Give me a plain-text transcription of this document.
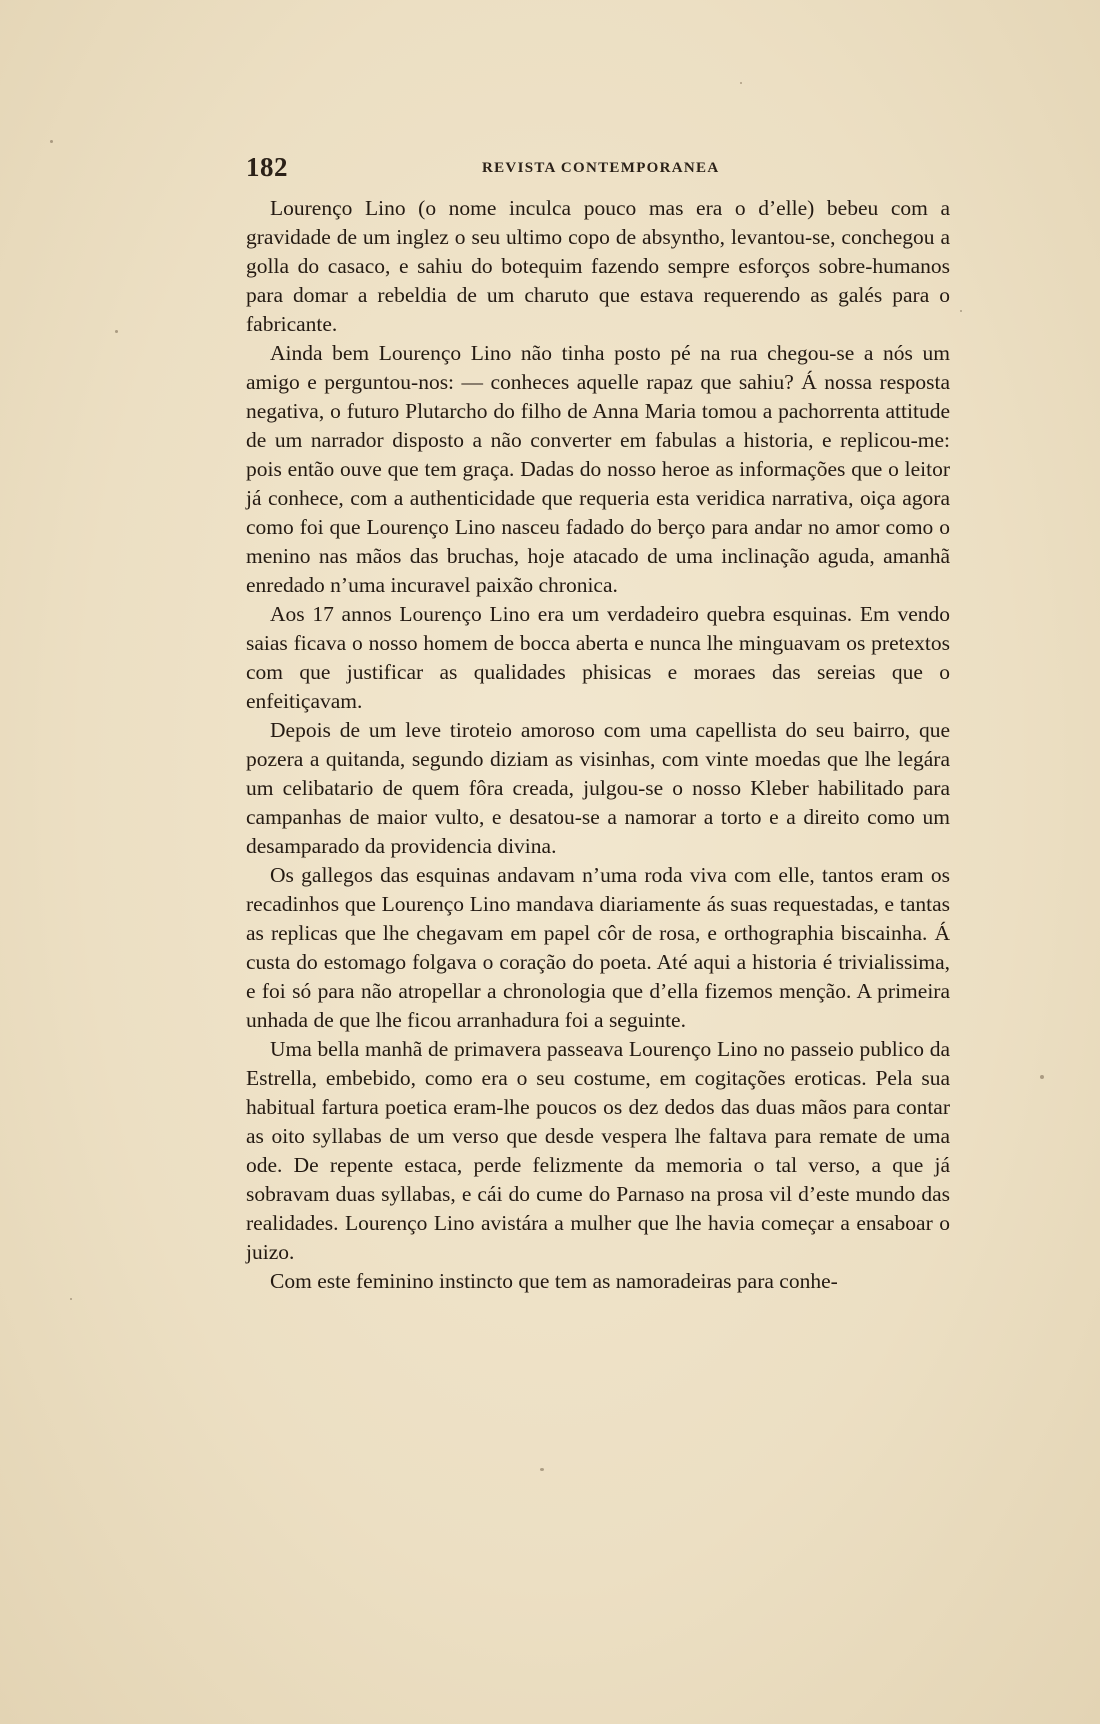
182	REVISTA CONTEMPORANEA

Lourenço Lino (o nome inculca pouco mas era o d’elle) bebeu com a gravidade de um inglez o seu ultimo copo de absyntho, levantou-se, conchegou a golla do casaco, e sahiu do botequim fazendo sempre esforços sobre-humanos para domar a rebeldia de um charuto que estava requerendo as galés para o fabricante.

Ainda bem Lourenço Lino não tinha posto pé na rua chegou-se a nós um amigo e perguntou-nos: — conheces aquelle rapaz que sahiu? Á nossa resposta negativa, o futuro Plutarcho do filho de Anna Maria tomou a pachorrenta attitude de um narrador disposto a não converter em fabulas a historia, e replicou-me: pois então ouve que tem graça. Dadas do nosso heroe as informações que o leitor já conhece, com a authenticidade que requeria esta veridica narrativa, oiça agora como foi que Lourenço Lino nasceu fadado do berço para andar no amor como o menino nas mãos das bruchas, hoje atacado de uma inclinação aguda, amanhã enredado n’uma incuravel paixão chronica.

Aos 17 annos Lourenço Lino era um verdadeiro quebra esquinas. Em vendo saias ficava o nosso homem de bocca aberta e nunca lhe minguavam os pretextos com que justificar as qualidades phisicas e moraes das sereias que o enfeitiçavam.

Depois de um leve tiroteio amoroso com uma capellista do seu bairro, que pozera a quitanda, segundo diziam as visinhas, com vinte moedas que lhe legára um celibatario de quem fôra creada, julgou-se o nosso Kleber habilitado para campanhas de maior vulto, e desatou-se a namorar a torto e a direito como um desamparado da providencia divina.

Os gallegos das esquinas andavam n’uma roda viva com elle, tantos eram os recadinhos que Lourenço Lino mandava diariamente ás suas requestadas, e tantas as replicas que lhe chegavam em papel côr de rosa, e orthographia biscainha. Á custa do estomago folgava o coração do poeta. Até aqui a historia é trivialissima, e foi só para não atropellar a chronologia que d’ella fizemos menção. A primeira unhada de que lhe ficou arranhadura foi a seguinte.

Uma bella manhã de primavera passeava Lourenço Lino no passeio publico da Estrella, embebido, como era o seu costume, em cogitações eroticas. Pela sua habitual fartura poetica eram-lhe poucos os dez dedos das duas mãos para contar as oito syllabas de um verso que desde vespera lhe faltava para remate de uma ode. De repente estaca, perde felizmente da memoria o tal verso, a que já sobravam duas syllabas, e cái do cume do Parnaso na prosa vil d’este mundo das realidades. Lourenço Lino avistára a mulher que lhe havia começar a ensaboar o juizo.

Com este feminino instincto que tem as namoradeiras para conhe-
